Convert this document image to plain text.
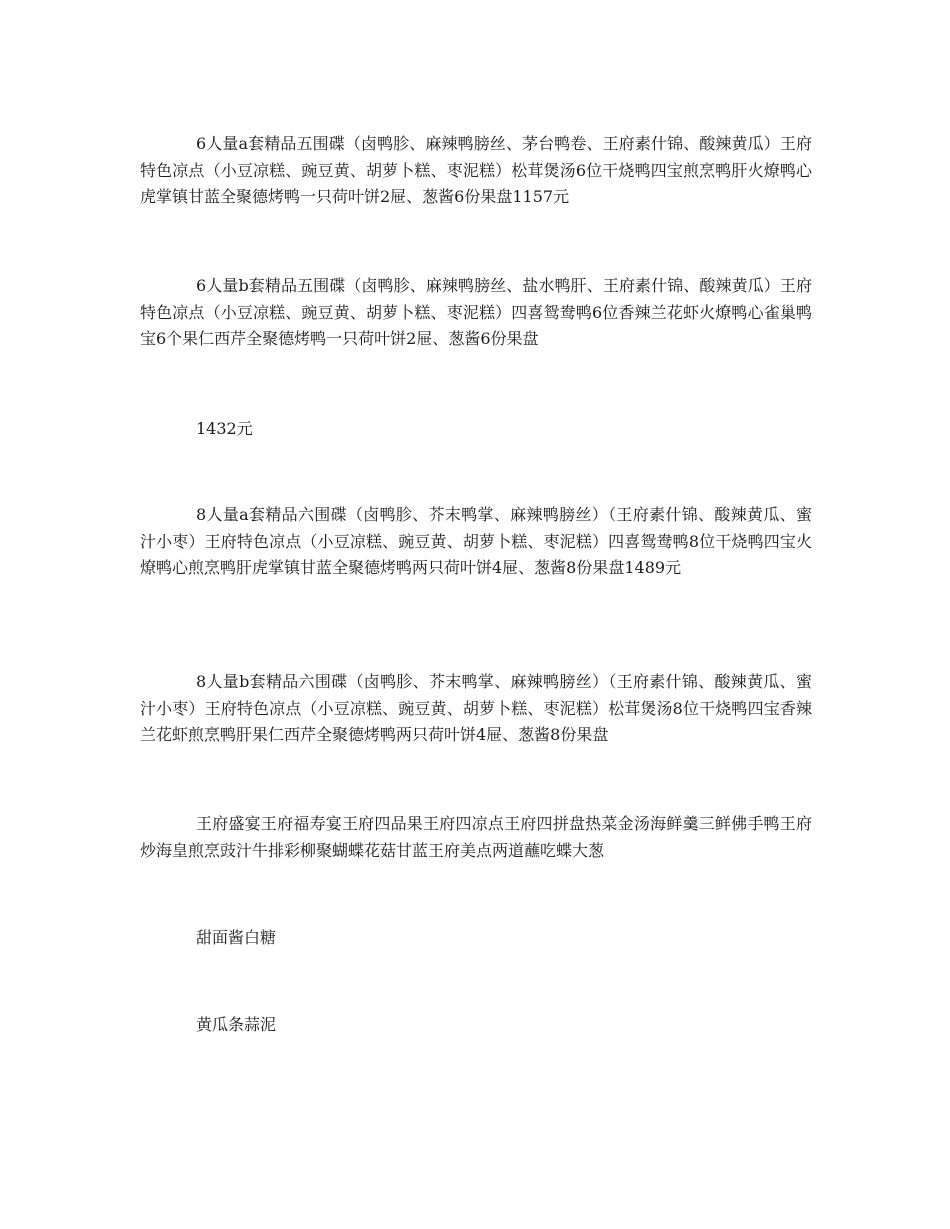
6人量a套精品五围碟（卤鸭胗、麻辣鸭膀丝、茅台鸭卷、王府素什锦、酸辣黄瓜）王府特色凉点（小豆凉糕、豌豆黄、胡萝卜糕、枣泥糕）松茸煲汤6位干烧鸭四宝煎烹鸭肝火燎鸭心虎掌镇甘蓝全聚德烤鸭一只荷叶饼2屉、葱酱6份果盘1157元

6人量b套精品五围碟（卤鸭胗、麻辣鸭膀丝、盐水鸭肝、王府素什锦、酸辣黄瓜）王府特色凉点（小豆凉糕、豌豆黄、胡萝卜糕、枣泥糕）四喜鸳鸯鸭6位香辣兰花虾火燎鸭心雀巢鸭宝6个果仁西芹全聚德烤鸭一只荷叶饼2屉、葱酱6份果盘

1432元

8人量a套精品六围碟（卤鸭胗、芥末鸭掌、麻辣鸭膀丝）（王府素什锦、酸辣黄瓜、蜜汁小枣）王府特色凉点（小豆凉糕、豌豆黄、胡萝卜糕、枣泥糕）四喜鸳鸯鸭8位干烧鸭四宝火燎鸭心煎烹鸭肝虎掌镇甘蓝全聚德烤鸭两只荷叶饼4屉、葱酱8份果盘1489元

8人量b套精品六围碟（卤鸭胗、芥末鸭掌、麻辣鸭膀丝）（王府素什锦、酸辣黄瓜、蜜汁小枣）王府特色凉点（小豆凉糕、豌豆黄、胡萝卜糕、枣泥糕）松茸煲汤8位干烧鸭四宝香辣兰花虾煎烹鸭肝果仁西芹全聚德烤鸭两只荷叶饼4屉、葱酱8份果盘

王府盛宴王府福寿宴王府四品果王府四凉点王府四拼盘热菜金汤海鲜羹三鲜佛手鸭王府炒海皇煎烹豉汁牛排彩柳聚蝴蝶花菇甘蓝王府美点两道蘸吃蝶大葱

甜面酱白糖

黄瓜条蒜泥
